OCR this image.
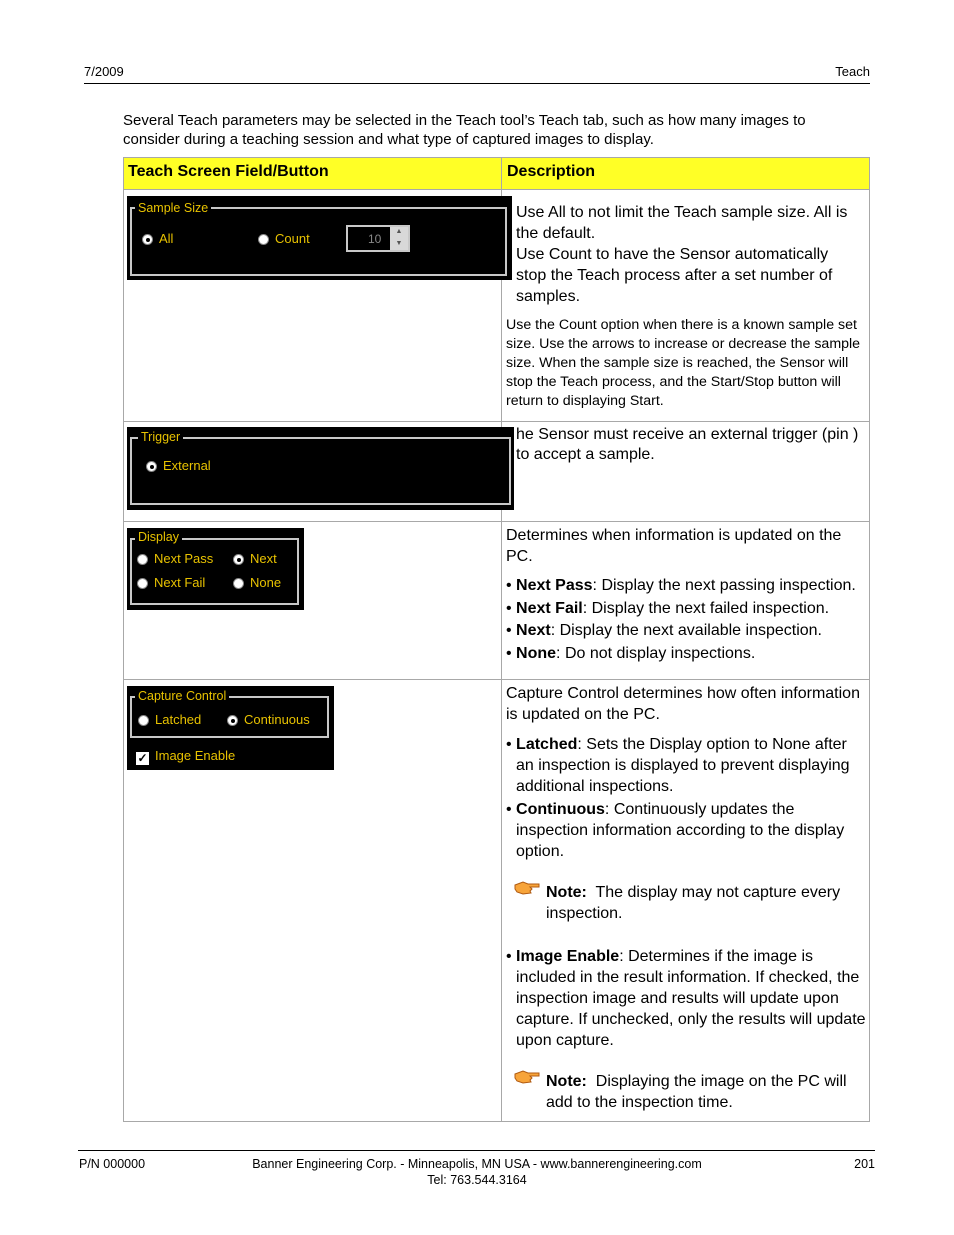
7/2009	Teach
Several Teach parameters may be selected in the Teach tool’s Teach tab, such as how many images to consider during a teaching session and what type of captured images to display.
Teach Screen Field/Button	Description
Sample Size
All	Count	10
▲
▼

Use All to not limit the Teach sample size. All is the default.

Use Count to have the Sensor automatically stop the Teach process after a set number of samples.

Use the Count option when there is a known sample set size. Use the arrows to increase or decrease the sample size. When the sample size is reached, the Sensor will stop the Teach process, and the Start/Stop button will return to displaying Start.
Trigger
External
he Sensor must receive an external trigger (pin ) to accept a sample.
Display
Next Pass	Next
Next Fail	None

Determines when information is updated on the PC.

• Next Pass: Display the next passing inspection.
• Next Fail: Display the next failed inspection.
• Next: Display the next available inspection.
• None: Do not display inspections.
Capture Control
Latched	Continuous
✓ Image Enable

Capture Control determines how often information is updated on the PC.

• Latched: Sets the Display option to None after an inspection is displayed to prevent displaying additional inspections.
• Continuous: Continuously updates the inspection information according to the display option.

Note: The display may not capture every inspection.

• Image Enable: Determines if the image is included in the result information. If checked, the inspection image and results will update upon capture. If unchecked, only the results will update upon capture.

Note: Displaying the image on the PC will add to the inspection time.

P/N 000000	Banner Engineering Corp. - Minneapolis, MN USA - www.bannerengineering.com
Tel: 763.544.3164
201
